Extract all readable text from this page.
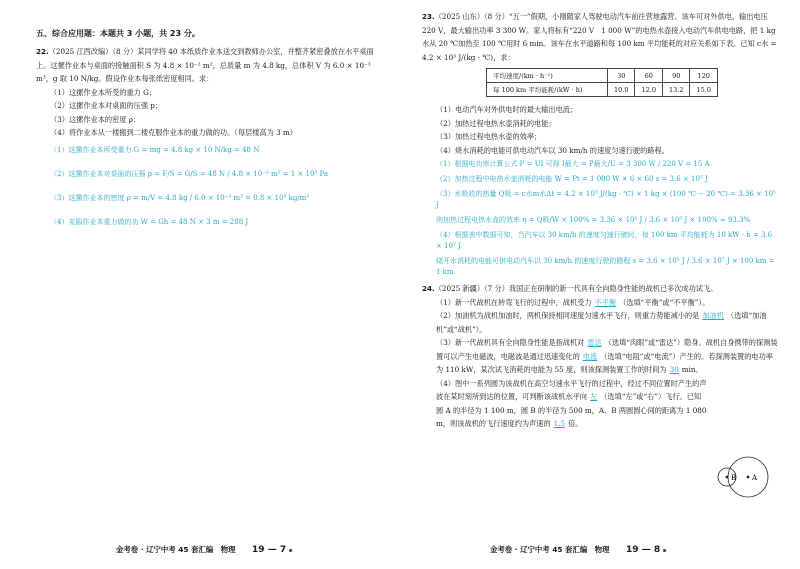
五、综合应用题：本题共 3 小题，共 23 分。

22.（2025 江西改编）（8 分）某同学将 40 本纸质作业本送交到教师办公室，并整齐紧密叠放在水平桌面上。这摞作业本与桌面的接触面积 S 为 4.8 × 10⁻² m²，总质量 m 为 4.8 kg，总体积 V 为 6.0 × 10⁻³ m³，g 取 10 N/kg。假设作业本每张纸密度相同。求：

（1）这摞作业本所受的重力 G；

（2）这摞作业本对桌面的压强 p；

（3）这摞作业本的密度 ρ；

（4）将作业本从一楼搬到二楼克服作业本的重力做的功。（每层楼高为 3 m）

（1）这摞作业本所受重力 G = mg = 4.8 kg × 10 N/kg = 48 N
（2）这摞作业本对桌面的压强 p = F/S = G/S = 48 N / 4.8 × 10⁻² m² = 1 × 10³ Pa
（3）这摞作业本的密度 ρ = m/V = 4.8 kg / 6.0 × 10⁻³ m³ = 0.8 × 10³ kg/m³
（4）克服作业本重力做的功 W = Gh = 48 N × 3 m = 288 J
金考卷 · 辽宁中考 45 套汇编　物理 19 — 7 ▣

23.（2025 山东）（8 分）“五一”假期，小刚随家人驾驶电动汽车前往营地露营。该车可对外供电，输出电压 220 V，最大输出功率 3 300 W。家人将标有“220 V　1 000 W”的电热水壶接入电动汽车供电电路，把 1 kg 水从 20 ℃加热至 100 ℃用时 6 min。该车在水平道路和每 100 km 平均能耗的对应关系如下表。已知 c水 = 4.2 × 10³ J/(kg · ℃)，求：

平均速度/(km · h⁻¹)	30	60	90	120
每 100 km 平均能耗/(kW · h)	10.0	12.0	13.2	15.0

（1）电动汽车对外供电时的最大输出电流；

（2）加热过程电热水壶消耗的电能；

（3）加热过程电热水壶的效率；

（4）烧水消耗的电能可供电动汽车以 30 km/h 的速度匀速行驶的路程。

（1）根据电功率计算公式 P = UI 可得 I最大 = P最大/U = 3 300 W / 220 V = 15 A
（2）加热过程中电热水壶消耗的电能 W = Pt = 1 000 W × 6 × 60 s = 3.6 × 10⁵ J
（3）水吸收的热量 Q吸 = c水m水Δt = 4.2 × 10³ J/(kg · ℃) × 1 kg × (100 ℃ − 20 ℃) = 3.36 × 10⁵ J
则加热过程电热水壶的效率 η = Q吸/W × 100% = 3.36 × 10⁵ J / 3.6 × 10⁵ J × 100% ≈ 93.3%
（4）根据表中数据可知，当汽车以 30 km/h 的速度匀速行驶时，每 100 km 平均能耗为 10 kW · h = 3.6 × 10⁷ J
烧开水消耗的电能可供电动汽车以 30 km/h 的速度行驶的路程 s = 3.6 × 10⁵ J / 3.6 × 10⁷ J × 100 km = 1 km

24.（2025 新疆）（7 分）我国正在研制的新一代具有全向隐身性能的战机已多次成功试飞。

（1）新一代战机在转弯飞行的过程中，战机受力 不平衡 （选填“平衡”或“不平衡”）。

（2）加油机为战机加油时，两机保持相同速度匀速水平飞行，则重力势能减小的是 加油机 （选填“加油机”或“战机”）。

（3）新一代战机具有全向隐身性能是指战机对 雷达 （选填“肉眼”或“雷达”）隐身。战机自身携带的探测装置可以产生电磁波，电磁波是通过迅速变化的 电流 （选填“电阻”或“电流”）产生的。若探测装置的电功率为 110 kW，某次试飞消耗的电能为 55 度，则该探测装置工作的时间为 30 min。

（4）图中一系列圆为该战机在高空匀速水平飞行的过程中，经过不同位置时产生的声波在某时刻所到达的位置，可判断该战机水平向 左 （选填“左”或“右”）飞行。已知圆 A 的半径为 1 100 m，圆 B 的半径为 500 m，A、B 两圆圆心间的距离为 1 080 m，则该战机的飞行速度约为声速的 1.5 倍。

B A
金考卷 · 辽宁中考 45 套汇编　物理 19 — 8 ▣
